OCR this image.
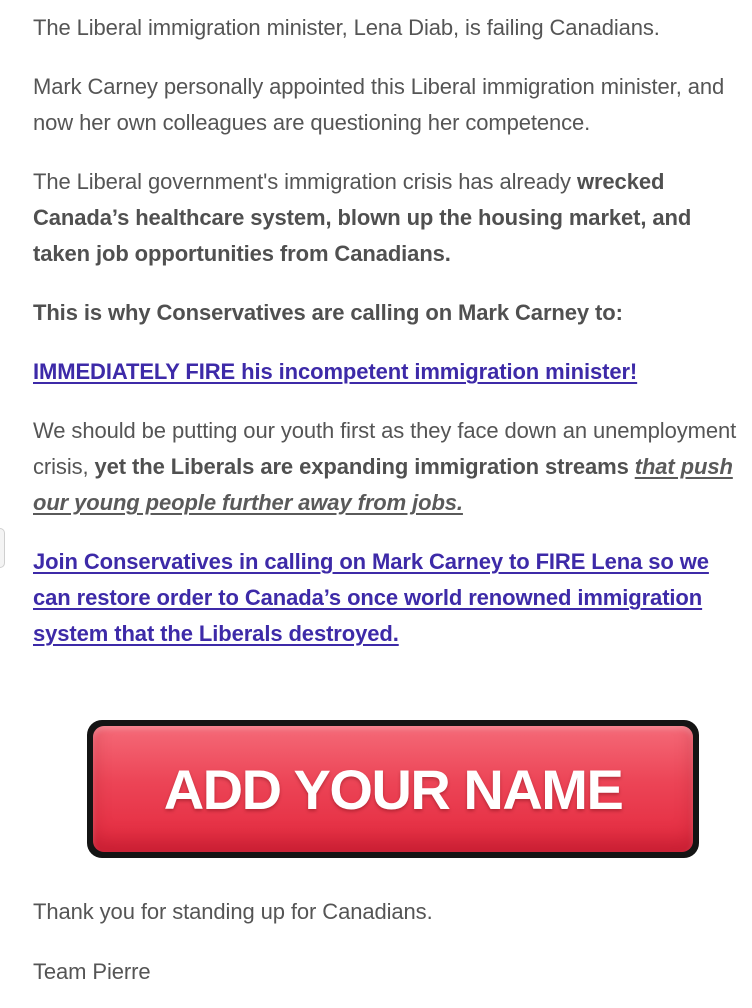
The Liberal immigration minister, Lena Diab, is failing Canadians.

Mark Carney personally appointed this Liberal immigration minister, and now her own colleagues are questioning her competence.

The Liberal government's immigration crisis has already wrecked Canada’s healthcare system, blown up the housing market, and taken job opportunities from Canadians.

This is why Conservatives are calling on Mark Carney to:

IMMEDIATELY FIRE his incompetent immigration minister!

We should be putting our youth first as they face down an unemployment crisis, yet the Liberals are expanding immigration streams that push our young people further away from jobs.

Join Conservatives in calling on Mark Carney to FIRE Lena so we can restore order to Canada’s once world renowned immigration system that the Liberals destroyed.

ADD YOUR NAME

Thank you for standing up for Canadians.

Team Pierre
